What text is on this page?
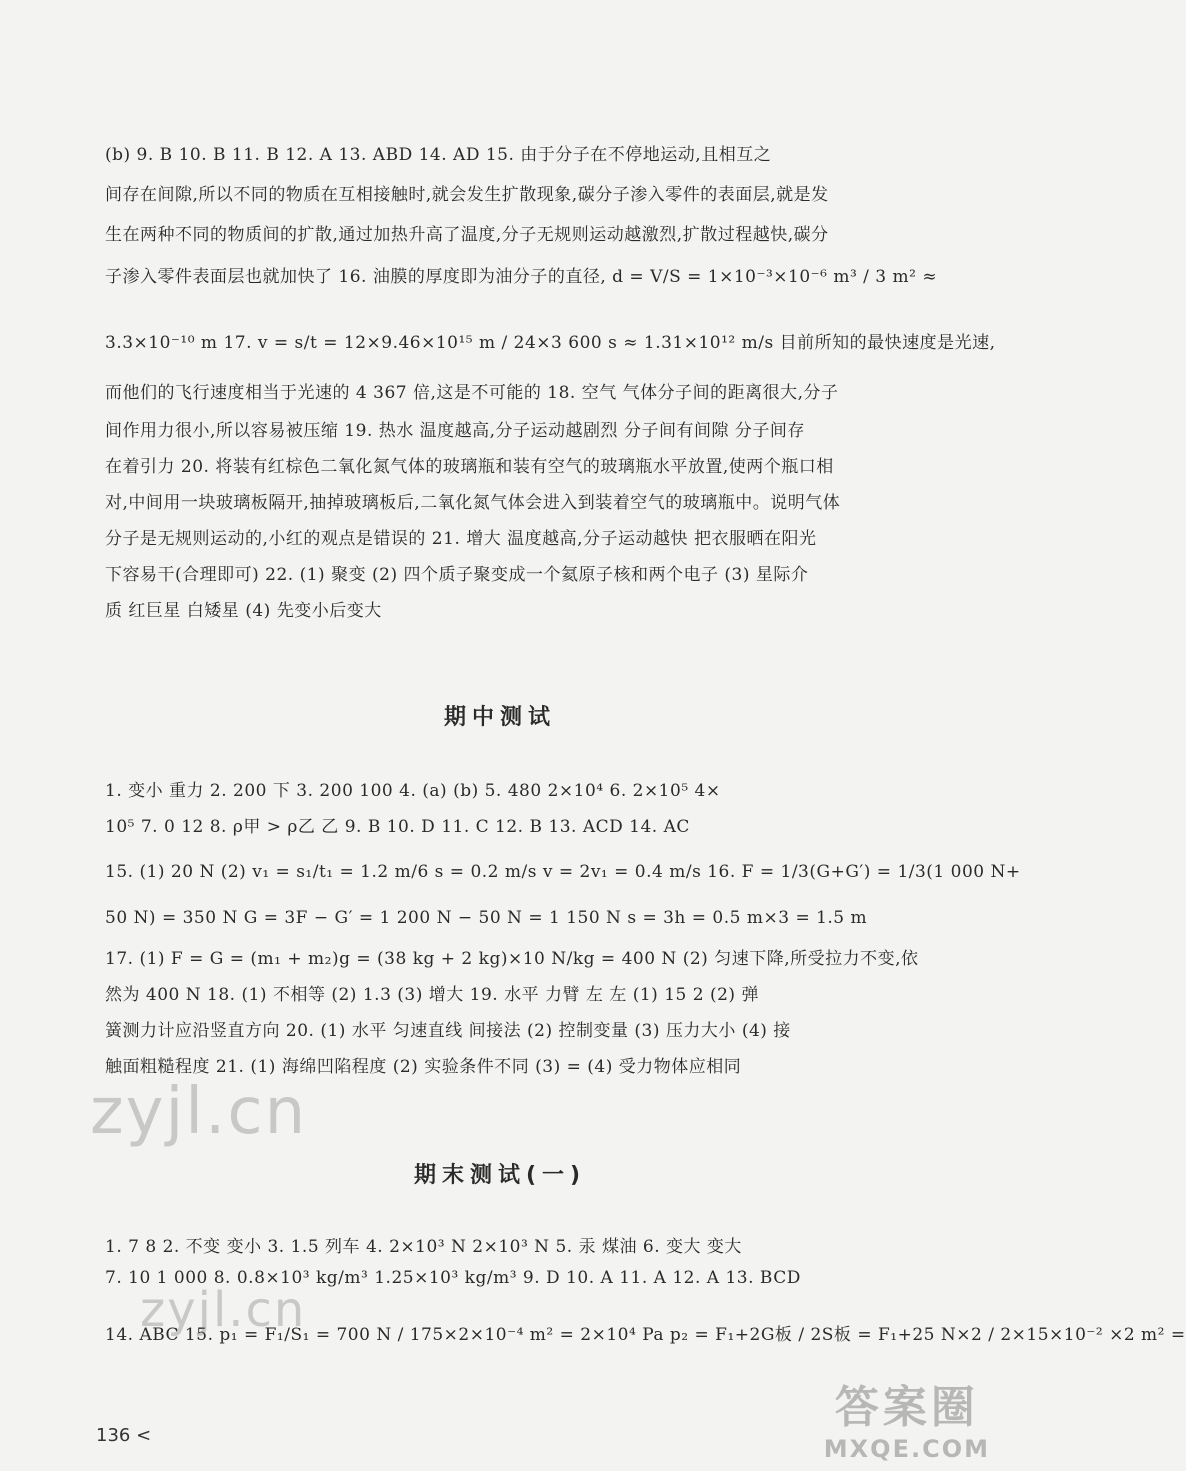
(b) 9. B 10. B 11. B 12. A 13. ABD 14. AD 15. 由于分子在不停地运动,且相互之
间存在间隙,所以不同的物质在互相接触时,就会发生扩散现象,碳分子渗入零件的表面层,就是发
生在两种不同的物质间的扩散,通过加热升高了温度,分子无规则运动越激烈,扩散过程越快,碳分
子渗入零件表面层也就加快了 16. 油膜的厚度即为油分子的直径, d = V/S = 1×10⁻³×10⁻⁶ m³ / 3 m² ≈
3.3×10⁻¹⁰ m 17. v = s/t = 12×9.46×10¹⁵ m / 24×3 600 s ≈ 1.31×10¹² m/s 目前所知的最快速度是光速,
而他们的飞行速度相当于光速的 4 367 倍,这是不可能的 18. 空气 气体分子间的距离很大,分子
间作用力很小,所以容易被压缩 19. 热水 温度越高,分子运动越剧烈 分子间有间隙 分子间存
在着引力 20. 将装有红棕色二氧化氮气体的玻璃瓶和装有空气的玻璃瓶水平放置,使两个瓶口相
对,中间用一块玻璃板隔开,抽掉玻璃板后,二氧化氮气体会进入到装着空气的玻璃瓶中。说明气体
分子是无规则运动的,小红的观点是错误的 21. 增大 温度越高,分子运动越快 把衣服晒在阳光
下容易干(合理即可) 22. (1) 聚变 (2) 四个质子聚变成一个氦原子核和两个电子 (3) 星际介
质 红巨星 白矮星 (4) 先变小后变大
期中测试
1. 变小 重力 2. 200 下 3. 200 100 4. (a) (b) 5. 480 2×10⁴ 6. 2×10⁵ 4×
10⁵ 7. 0 12 8. ρ甲 > ρ乙 乙 9. B 10. D 11. C 12. B 13. ACD 14. AC
15. (1) 20 N (2) v₁ = s₁/t₁ = 1.2 m/6 s = 0.2 m/s v = 2v₁ = 0.4 m/s 16. F = 1/3(G+G′) = 1/3(1 000 N+
50 N) = 350 N G = 3F − G′ = 1 200 N − 50 N = 1 150 N s = 3h = 0.5 m×3 = 1.5 m
17. (1) F = G = (m₁ + m₂)g = (38 kg + 2 kg)×10 N/kg = 400 N (2) 匀速下降,所受拉力不变,依
然为 400 N 18. (1) 不相等 (2) 1.3 (3) 增大 19. 水平 力臂 左 左 (1) 15 2 (2) 弹
簧测力计应沿竖直方向 20. (1) 水平 匀速直线 间接法 (2) 控制变量 (3) 压力大小 (4) 接
触面粗糙程度 21. (1) 海绵凹陷程度 (2) 实验条件不同 (3) = (4) 受力物体应相同
zyjl.cn
期末测试(一)
1. 7 8 2. 不变 变小 3. 1.5 列车 4. 2×10³ N 2×10³ N 5. 汞 煤油 6. 变大 变大
7. 10 1 000 8. 0.8×10³ kg/m³ 1.25×10³ kg/m³ 9. D 10. A 11. A 12. A 13. BCD
14. ABC 15. p₁ = F₁/S₁ = 700 N / 175×2×10⁻⁴ m² = 2×10⁴ Pa p₂ = F₁+2G板 / 2S板 = F₁+25 N×2 / 2×15×10⁻² ×2 m² =
zyjl.cn
136 <
答案圈
MXQE.COM
